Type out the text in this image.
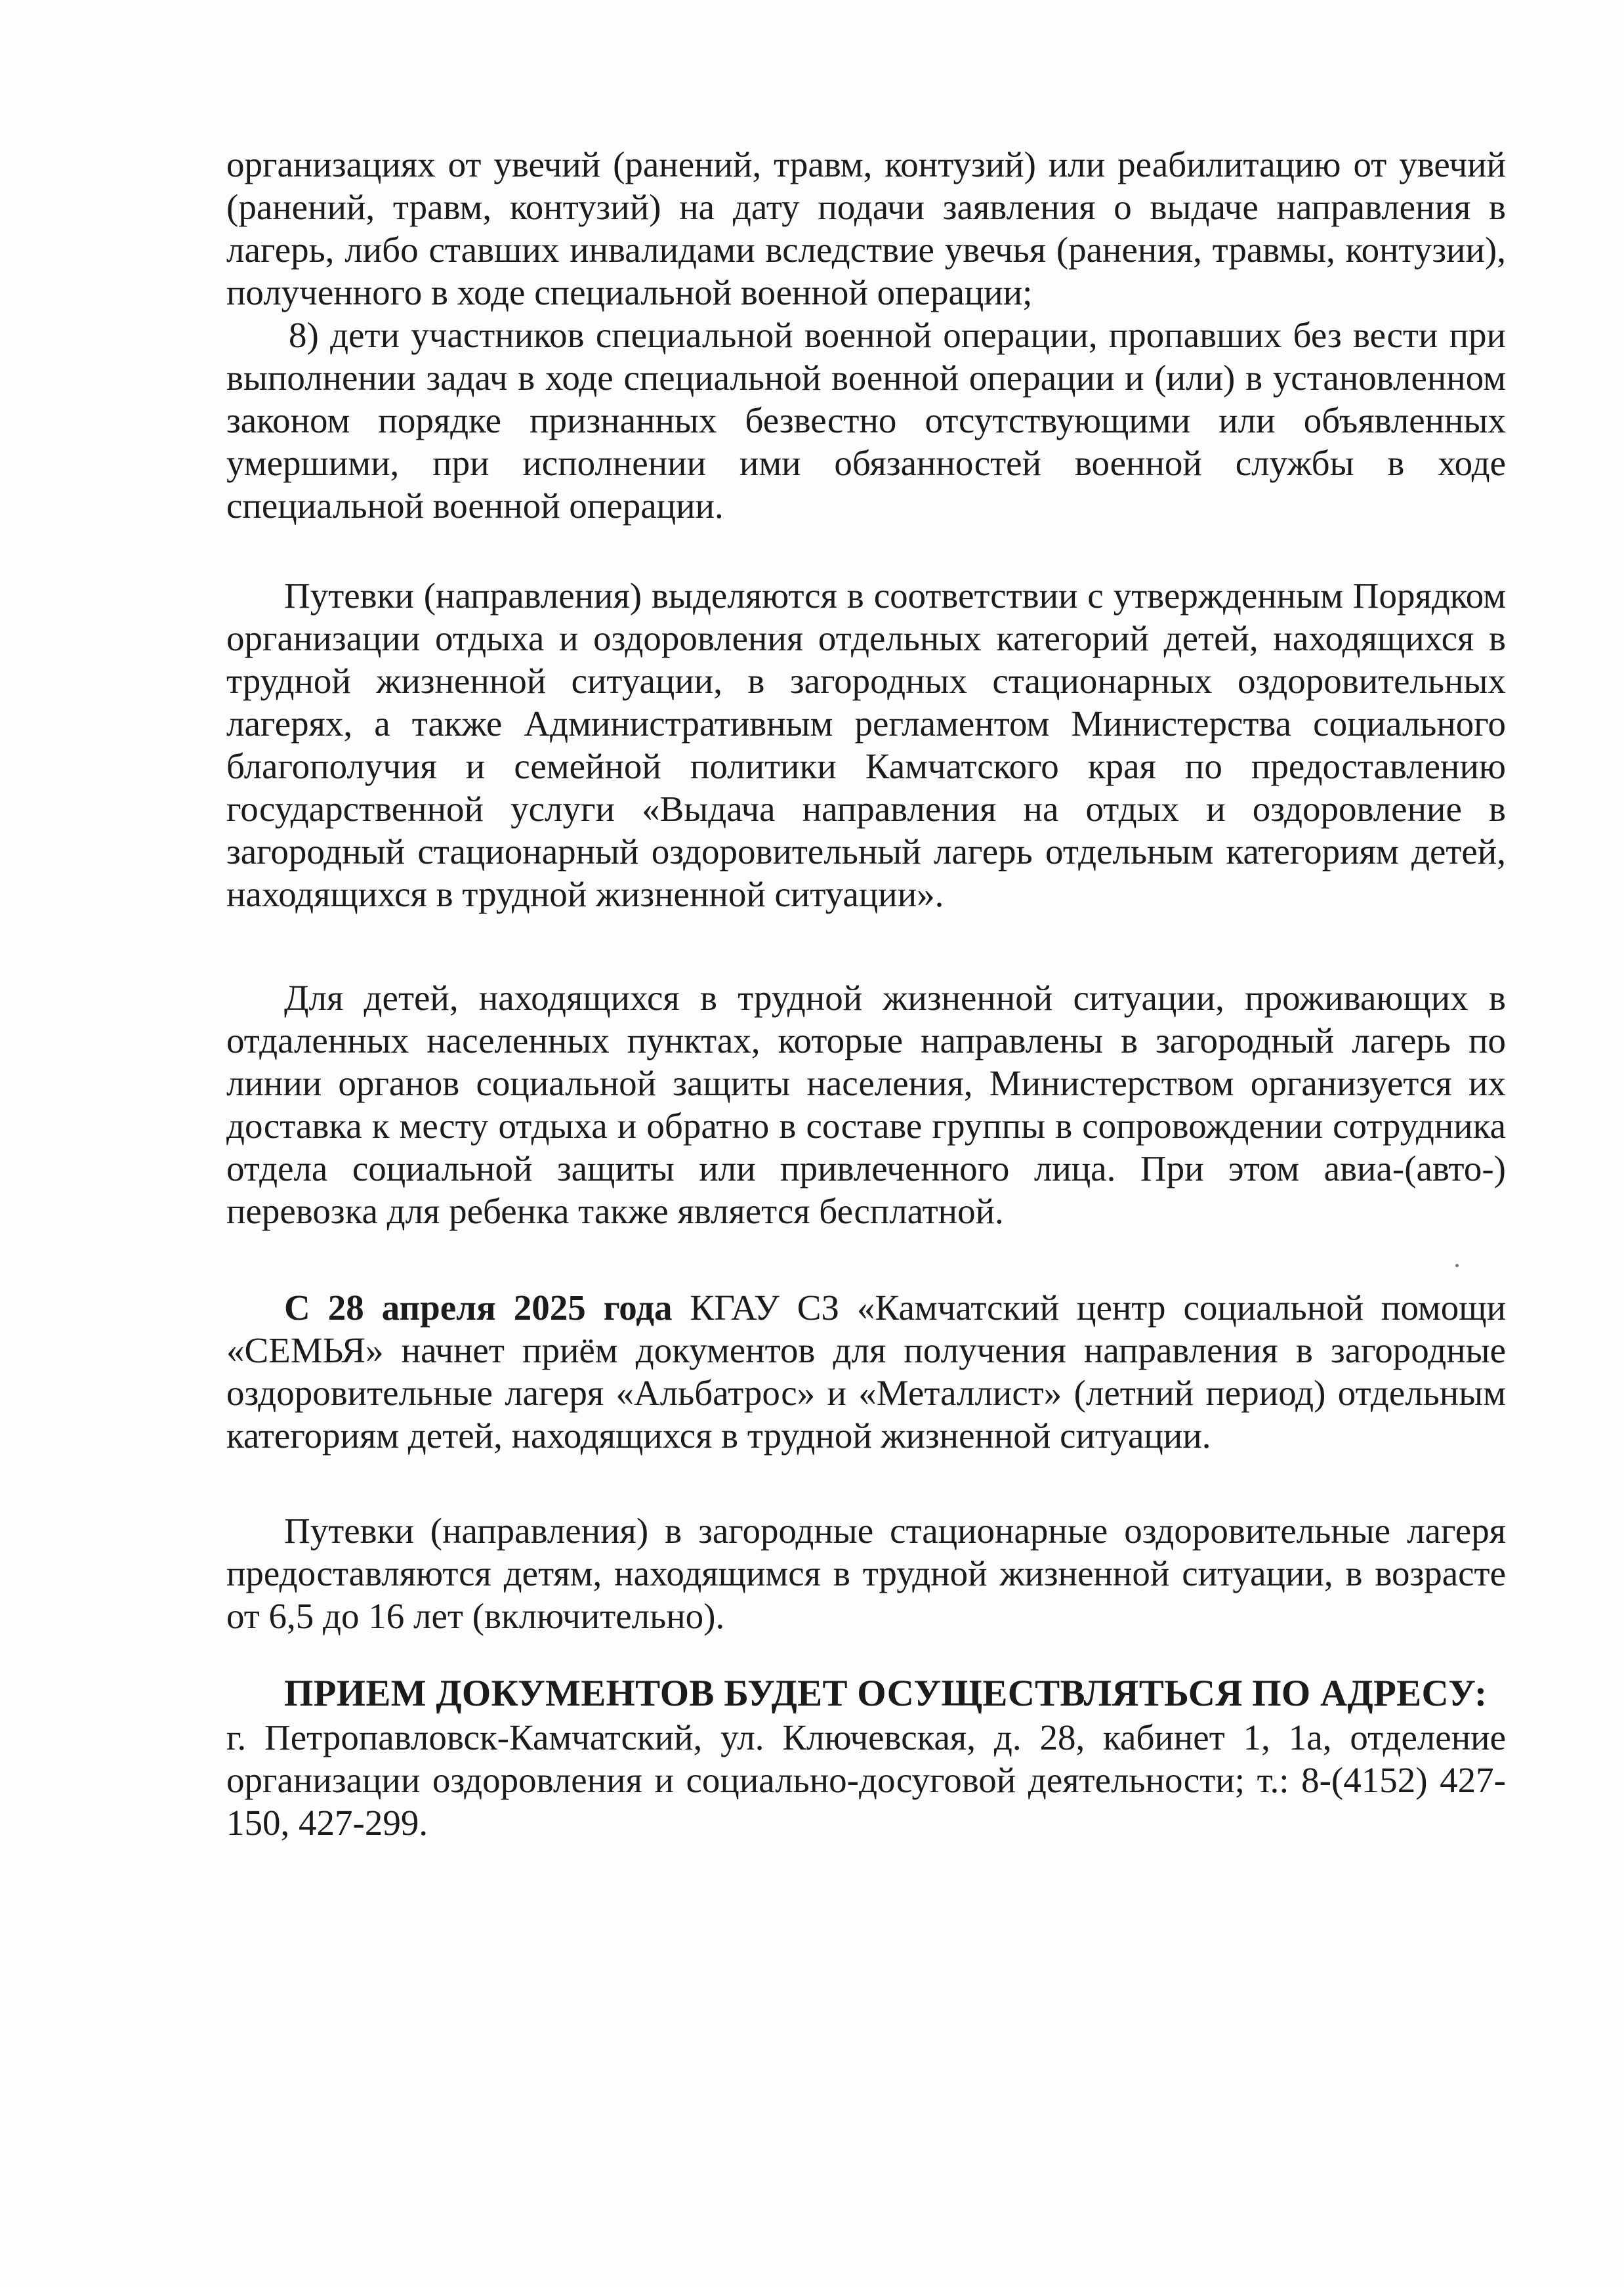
организациях от увечий (ранений, травм, контузий) или реабилитацию от увечий (ранений, травм, контузий) на дату подачи заявления о выдаче направления в лагерь, либо ставших инвалидами вследствие увечья (ранения, травмы, контузии), полученного в ходе специальной военной операции;

8) дети участников специальной военной операции, пропавших без вести при выполнении задач в ходе специальной военной операции и (или) в установленном законом порядке признанных безвестно отсутствующими или объявленных умершими, при исполнении ими обязанностей военной службы в ходе специальной военной операции.

Путевки (направления) выделяются в соответствии с утвержденным Порядком организации отдыха и оздоровления отдельных категорий детей, находящихся в трудной жизненной ситуации, в загородных стационарных оздоровительных лагерях, а также Административным регламентом Министерства социального благополучия и семейной политики Камчатского края по предоставлению государственной услуги «Выдача направления на отдых и оздоровление в загородный стационарный оздоровительный лагерь отдельным категориям детей, находящихся в трудной жизненной ситуации».

Для детей, находящихся в трудной жизненной ситуации, проживающих в отдаленных населенных пунктах, которые направлены в загородный лагерь по линии органов социальной защиты населения, Министерством организуется их доставка к месту отдыха и обратно в составе группы в сопровождении сотрудника отдела социальной защиты или привлеченного лица. При этом авиа-(авто-) перевозка для ребенка также является бесплатной.

С 28 апреля 2025 года КГАУ СЗ «Камчатский центр социальной помощи «СЕМЬЯ» начнет приём документов для получения направления в загородные оздоровительные лагеря «Альбатрос» и «Металлист» (летний период) отдельным категориям детей, находящихся в трудной жизненной ситуации.

Путевки (направления) в загородные стационарные оздоровительные лагеря предоставляются детям, находящимся в трудной жизненной ситуации, в возрасте от 6,5 до 16 лет (включительно).

ПРИЕМ ДОКУМЕНТОВ БУДЕТ ОСУЩЕСТВЛЯТЬСЯ ПО АДРЕСУ:

г. Петропавловск-Камчатский, ул. Ключевская, д. 28, кабинет 1, 1а, отделение организации оздоровления и социально-досуговой деятельности; т.: 8-(4152) 427-150, 427-299.
